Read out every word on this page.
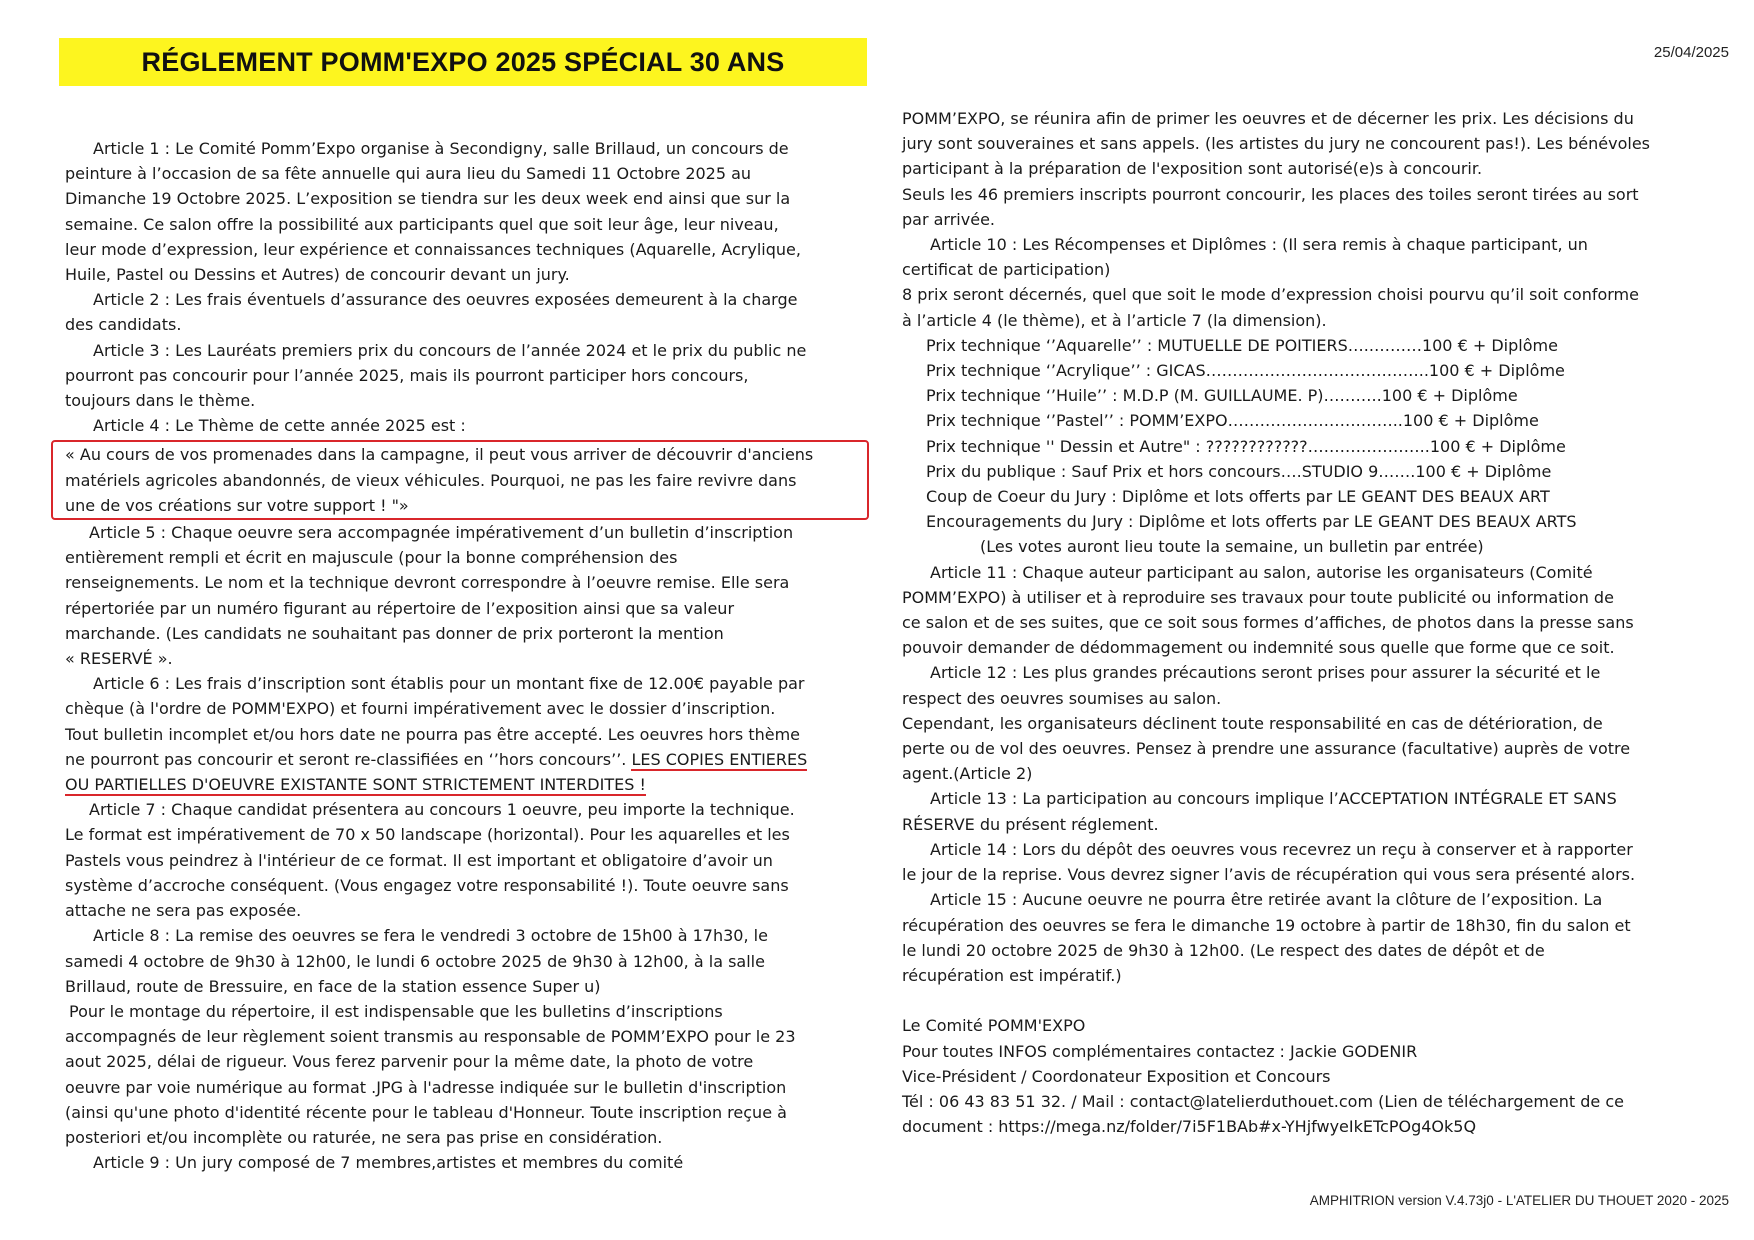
RÉGLEMENT POMM'EXPO 2025 SPÉCIAL 30 ANS	25/04/2025

Article 1 : Le Comité Pomm’Expo organise à Secondigny, salle Brillaud, un concours de

peinture à l’occasion de sa fête annuelle qui aura lieu du Samedi 11 Octobre 2025 au

Dimanche 19 Octobre 2025. L’exposition se tiendra sur les deux week end ainsi que sur la

semaine. Ce salon offre la possibilité aux participants quel que soit leur âge, leur niveau,

leur mode d’expression, leur expérience et connaissances techniques (Aquarelle, Acrylique,

Huile, Pastel ou Dessins et Autres) de concourir devant un jury.

Article 2 : Les frais éventuels d’assurance des oeuvres exposées demeurent à la charge

des candidats.

Article 3 : Les Lauréats premiers prix du concours de l’année 2024 et le prix du public ne

pourront pas concourir pour l’année 2025, mais ils pourront participer hors concours,

toujours dans le thème.

Article 4 : Le Thème de cette année 2025 est :

« Au cours de vos promenades dans la campagne, il peut vous arriver de découvrir d'anciens

matériels agricoles abandonnés, de vieux véhicules. Pourquoi, ne pas les faire revivre dans

une de vos créations sur votre support ! "»

Article 5 : Chaque oeuvre sera accompagnée impérativement d’un bulletin d’inscription

entièrement rempli et écrit en majuscule (pour la bonne compréhension des

renseignements. Le nom et la technique devront correspondre à l’oeuvre remise. Elle sera

répertoriée par un numéro figurant au répertoire de l’exposition ainsi que sa valeur

marchande. (Les candidats ne souhaitant pas donner de prix porteront la mention

« RESERVÉ ».

Article 6 : Les frais d’inscription sont établis pour un montant fixe de 12.00€ payable par

chèque (à l'ordre de POMM'EXPO) et fourni impérativement avec le dossier d’inscription.

Tout bulletin incomplet et/ou hors date ne pourra pas être accepté. Les oeuvres hors thème

ne pourront pas concourir et seront re-classifiées en ‘’hors concours’’. LES COPIES ENTIERES

OU PARTIELLES D'OEUVRE EXISTANTE SONT STRICTEMENT INTERDITES !

Article 7 : Chaque candidat présentera au concours 1 oeuvre, peu importe la technique.

Le format est impérativement de 70 x 50 landscape (horizontal). Pour les aquarelles et les

Pastels vous peindrez à l'intérieur de ce format. Il est important et obligatoire d’avoir un

système d’accroche conséquent. (Vous engagez votre responsabilité !). Toute oeuvre sans

attache ne sera pas exposée.

Article 8 : La remise des oeuvres se fera le vendredi 3 octobre de 15h00 à 17h30, le

samedi 4 octobre de 9h30 à 12h00, le lundi 6 octobre 2025 de 9h30 à 12h00, à la salle

Brillaud, route de Bressuire, en face de la station essence Super u)

Pour le montage du répertoire, il est indispensable que les bulletins d’inscriptions

accompagnés de leur règlement soient transmis au responsable de POMM’EXPO pour le 23

aout 2025, délai de rigueur. Vous ferez parvenir pour la même date, la photo de votre

oeuvre par voie numérique au format .JPG à l'adresse indiquée sur le bulletin d'inscription

(ainsi qu'une photo d'identité récente pour le tableau d'Honneur. Toute inscription reçue à

posteriori et/ou incomplète ou raturée, ne sera pas prise en considération.

Article 9 : Un jury composé de 7 membres,artistes et membres du comité

POMM’EXPO, se réunira afin de primer les oeuvres et de décerner les prix. Les décisions du

jury sont souveraines et sans appels. (les artistes du jury ne concourent pas!). Les bénévoles

participant à la préparation de l'exposition sont autorisé(e)s à concourir.

Seuls les 46 premiers inscripts pourront concourir, les places des toiles seront tirées au sort

par arrivée.

Article 10 : Les Récompenses et Diplômes : (Il sera remis à chaque participant, un

certificat de participation)

8 prix seront décernés, quel que soit le mode d’expression choisi pourvu qu’il soit conforme

à l’article 4 (le thème), et à l’article 7 (la dimension).

Prix technique ‘’Aquarelle’’ : MUTUELLE DE POITIERS…..………100 € + Diplôme

Prix technique ‘’Acrylique’’ : GICAS…………………………….……..100 € + Diplôme

Prix technique ‘’Huile’’ : M.D.P (M. GUILLAUME. P)………..100 € + Diplôme

Prix technique ‘’Pastel’’ : POMM’EXPO…………………….……..100 € + Diplôme

Prix technique '' Dessin et Autre" : ????????????…………………..100 € + Diplôme

Prix du publique : Sauf Prix et hors concours….STUDIO 9…….100 € + Diplôme

Coup de Coeur du Jury : Diplôme et lots offerts par LE GEANT DES BEAUX ART

Encouragements du Jury : Diplôme et lots offerts par LE GEANT DES BEAUX ARTS

(Les votes auront lieu toute la semaine, un bulletin par entrée)

Article 11 : Chaque auteur participant au salon, autorise les organisateurs (Comité

POMM’EXPO) à utiliser et à reproduire ses travaux pour toute publicité ou information de

ce salon et de ses suites, que ce soit sous formes d’affiches, de photos dans la presse sans

pouvoir demander de dédommagement ou indemnité sous quelle que forme que ce soit.

Article 12 : Les plus grandes précautions seront prises pour assurer la sécurité et le

respect des oeuvres soumises au salon.

Cependant, les organisateurs déclinent toute responsabilité en cas de détérioration, de

perte ou de vol des oeuvres. Pensez à prendre une assurance (facultative) auprès de votre

agent.(Article 2)

Article 13 : La participation au concours implique l’ACCEPTATION INTÉGRALE ET SANS

RÉSERVE du présent réglement.

Article 14 : Lors du dépôt des oeuvres vous recevrez un reçu à conserver et à rapporter

le jour de la reprise. Vous devrez signer l’avis de récupération qui vous sera présenté alors.

Article 15 : Aucune oeuvre ne pourra être retirée avant la clôture de l’exposition. La

récupération des oeuvres se fera le dimanche 19 octobre à partir de 18h30, fin du salon et

le lundi 20 octobre 2025 de 9h30 à 12h00. (Le respect des dates de dépôt et de

récupération est impératif.)

Le Comité POMM'EXPO

Pour toutes INFOS complémentaires contactez : Jackie GODENIR

Vice-Président / Coordonateur Exposition et Concours

Tél : 06 43 83 51 32. / Mail : contact@latelierduthouet.com (Lien de téléchargement de ce

document : https://mega.nz/folder/7i5F1BAb#x-YHjfwyeIkETcPOg4Ok5Q

AMPHITRION version V.4.73j0 - L'ATELIER DU THOUET 2020 - 2025
